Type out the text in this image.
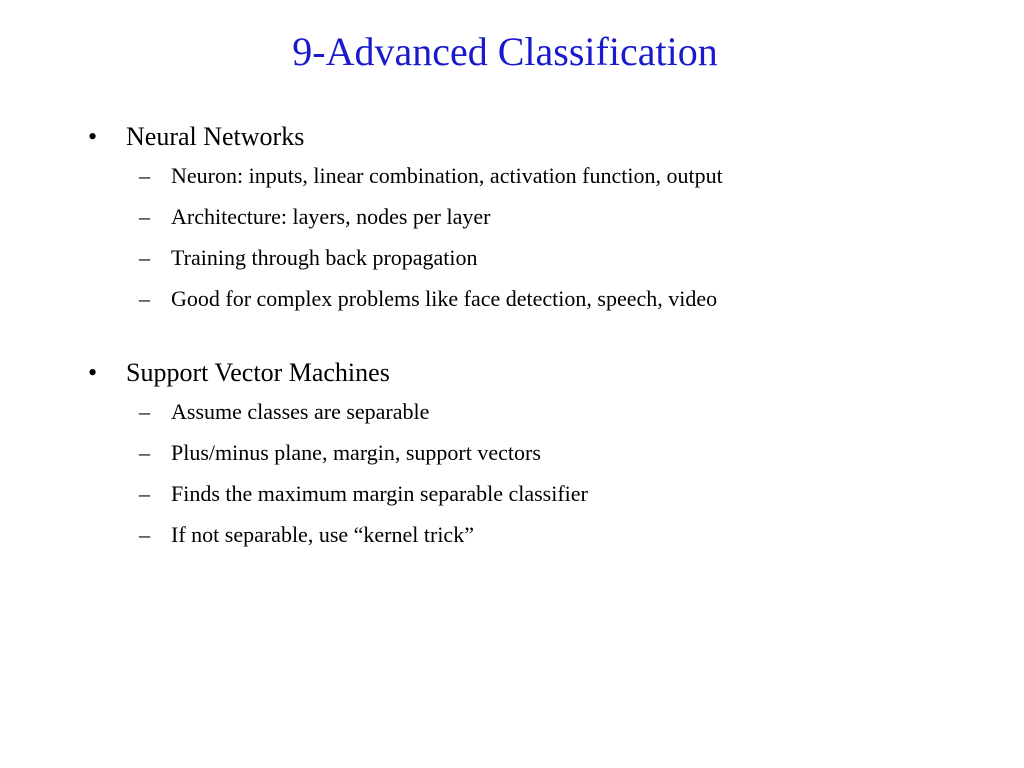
9-Advanced Classification
• Neural Networks
– Neuron: inputs, linear combination, activation function, output
– Architecture: layers, nodes per layer
– Training through back propagation
– Good for complex problems like face detection, speech, video
• Support Vector Machines
– Assume classes are separable
– Plus/minus plane, margin, support vectors
– Finds the maximum margin separable classifier
– If not separable, use “kernel trick”
